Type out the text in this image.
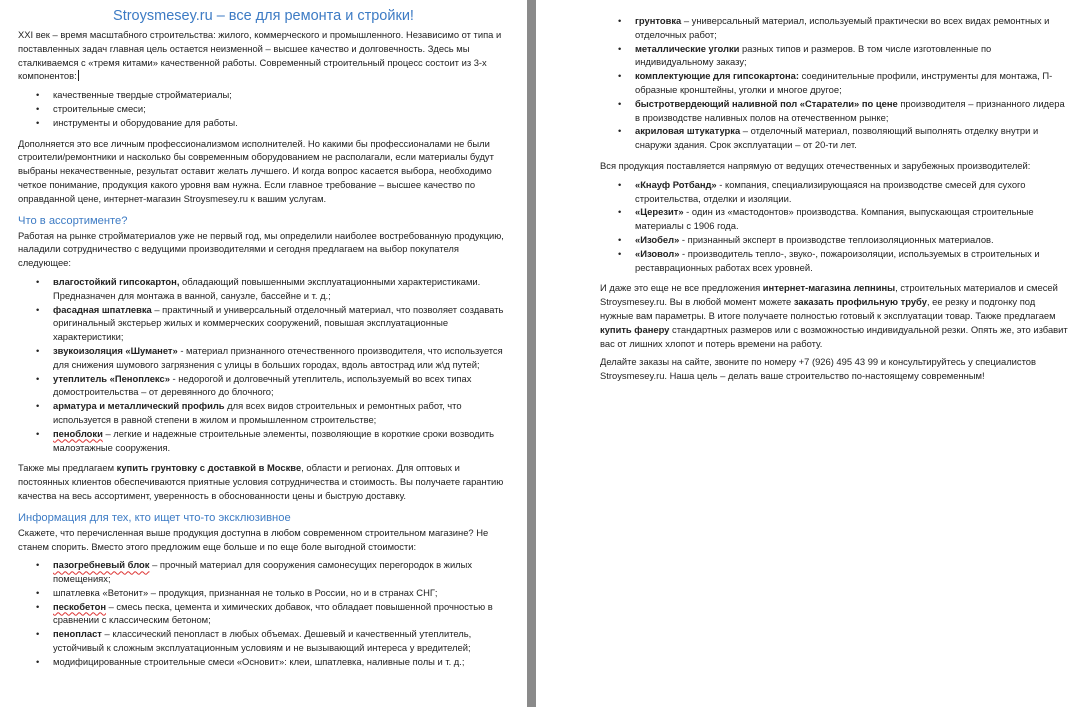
Stroysmesey.ru – все для ремонта и стройки!

XXI век – время масштабного строительства: жилого, коммерческого и промышленного. Независимо от типа и поставленных задач главная цель остается неизменной – высшее качество и долговечность. Здесь мы сталкиваемся с «тремя китами» качественной работы. Современный строительный процесс состоит из 3-х компонентов:

• качественные твердые стройматериалы;
• строительные смеси;
• инструменты и оборудование для работы.

Дополняется это все личным профессионализмом исполнителей. Но какими бы профессионалами не были строители/ремонтники и насколько бы современным оборудованием не располагали, если материалы будут выбраны некачественные, результат оставит желать лучшего. И когда вопрос касается выбора, необходимо четкое понимание, продукция какого уровня вам нужна. Если главное требование – высшее качество по оправданной цене, интернет-магазин Stroysmesey.ru к вашим услугам.

Что в ассортименте?

Работая на рынке стройматериалов уже не первый год, мы определили наиболее востребованную продукцию, наладили сотрудничество с ведущими производителями и сегодня предлагаем на выбор покупателя следующее:

• влагостойкий гипсокартон, обладающий повышенными эксплуатационными характеристиками. Предназначен для монтажа в ванной, санузле, бассейне и т. д.;
• фасадная шпатлевка – практичный и универсальный отделочный материал, что позволяет создавать оригинальный экстерьер жилых и коммерческих сооружений, повышая эксплуатационные характеристики;
• звукоизоляция «Шуманет» - материал признанного отечественного производителя, что используется для снижения шумового загрязнения с улицы в больших городах, вдоль автострад или ж\д путей;
• утеплитель «Пеноплекс» - недорогой и долговечный утеплитель, используемый во всех типах домостроительства – от деревянного до блочного;
• арматура и металлический профиль для всех видов строительных и ремонтных работ, что используется в равной степени в жилом и промышленном строительстве;
• пеноблоки – легкие и надежные строительные элементы, позволяющие в короткие сроки возводить малоэтажные сооружения.

Также мы предлагаем купить грунтовку с доставкой в Москве, области и регионах. Для оптовых и постоянных клиентов обеспечиваются приятные условия сотрудничества и стоимость. Вы получаете гарантию качества на весь ассортимент, уверенность в обоснованности цены и быструю доставку.

Информация для тех, кто ищет что-то эксклюзивное

Скажете, что перечисленная выше продукция доступна в любом современном строительном магазине? Не станем спорить. Вместо этого предложим еще больше и по еще боле выгодной стоимости:

• пазогребневый блок – прочный материал для сооружения самонесущих перегородок в жилых помещениях;
• шпатлевка «Ветонит» – продукция, признанная не только в России, но и в странах СНГ;
• пескобетон – смесь песка, цемента и химических добавок, что обладает повышенной прочностью в сравнении с классическим бетоном;
• пенопласт – классический пенопласт в любых объемах. Дешевый и качественный утеплитель, устойчивый к сложным эксплуатационным условиям и не вызывающий интереса у вредителей;
• модифицированные строительные смеси «Основит»: клеи, шпатлевка, наливные полы и т. д.;
• грунтовка – универсальный материал, используемый практически во всех видах ремонтных и отделочных работ;
• металлические уголки разных типов и размеров. В том числе изготовленные по индивидуальному заказу;
• комплектующие для гипсокартона: соединительные профили, инструменты для монтажа, П-образные кронштейны, уголки и многое другое;
• быстротвердеющий наливной пол «Старатели» по цене производителя – признанного лидера в производстве наливных полов на отечественном рынке;
• акриловая штукатурка – отделочный материал, позволяющий выполнять отделку внутри и снаружи здания. Срок эксплуатации – от 20-ти лет.

Вся продукция поставляется напрямую от ведущих отечественных и зарубежных производителей:

• «Кнауф Ротбанд» - компания, специализирующаяся на производстве смесей для сухого строительства, отделки и изоляции.
• «Церезит» - один из «мастодонтов» производства. Компания, выпускающая строительные материалы с 1906 года.
• «Изобел» - признанный эксперт в производстве теплоизоляционных материалов.
• «Изовол» - производитель тепло-, звуко-, пожароизоляции, используемых в строительных и реставрационных работах всех уровней.

И даже это еще не все предложения интернет-магазина лепнины, строительных материалов и смесей Stroysmesey.ru. Вы в любой момент можете заказать профильную трубу, ее резку и подгонку под нужные вам параметры. В итоге получаете полностью готовый к эксплуатации товар. Также предлагаем купить фанеру стандартных размеров или с возможностью индивидуальной резки. Опять же, это избавит вас от лишних хлопот и потерь времени на работу.

Делайте заказы на сайте, звоните по номеру +7 (926) 495 43 99 и консультируйтесь у специалистов Stroysmesey.ru. Наша цель – делать ваше строительство по-настоящему современным!
